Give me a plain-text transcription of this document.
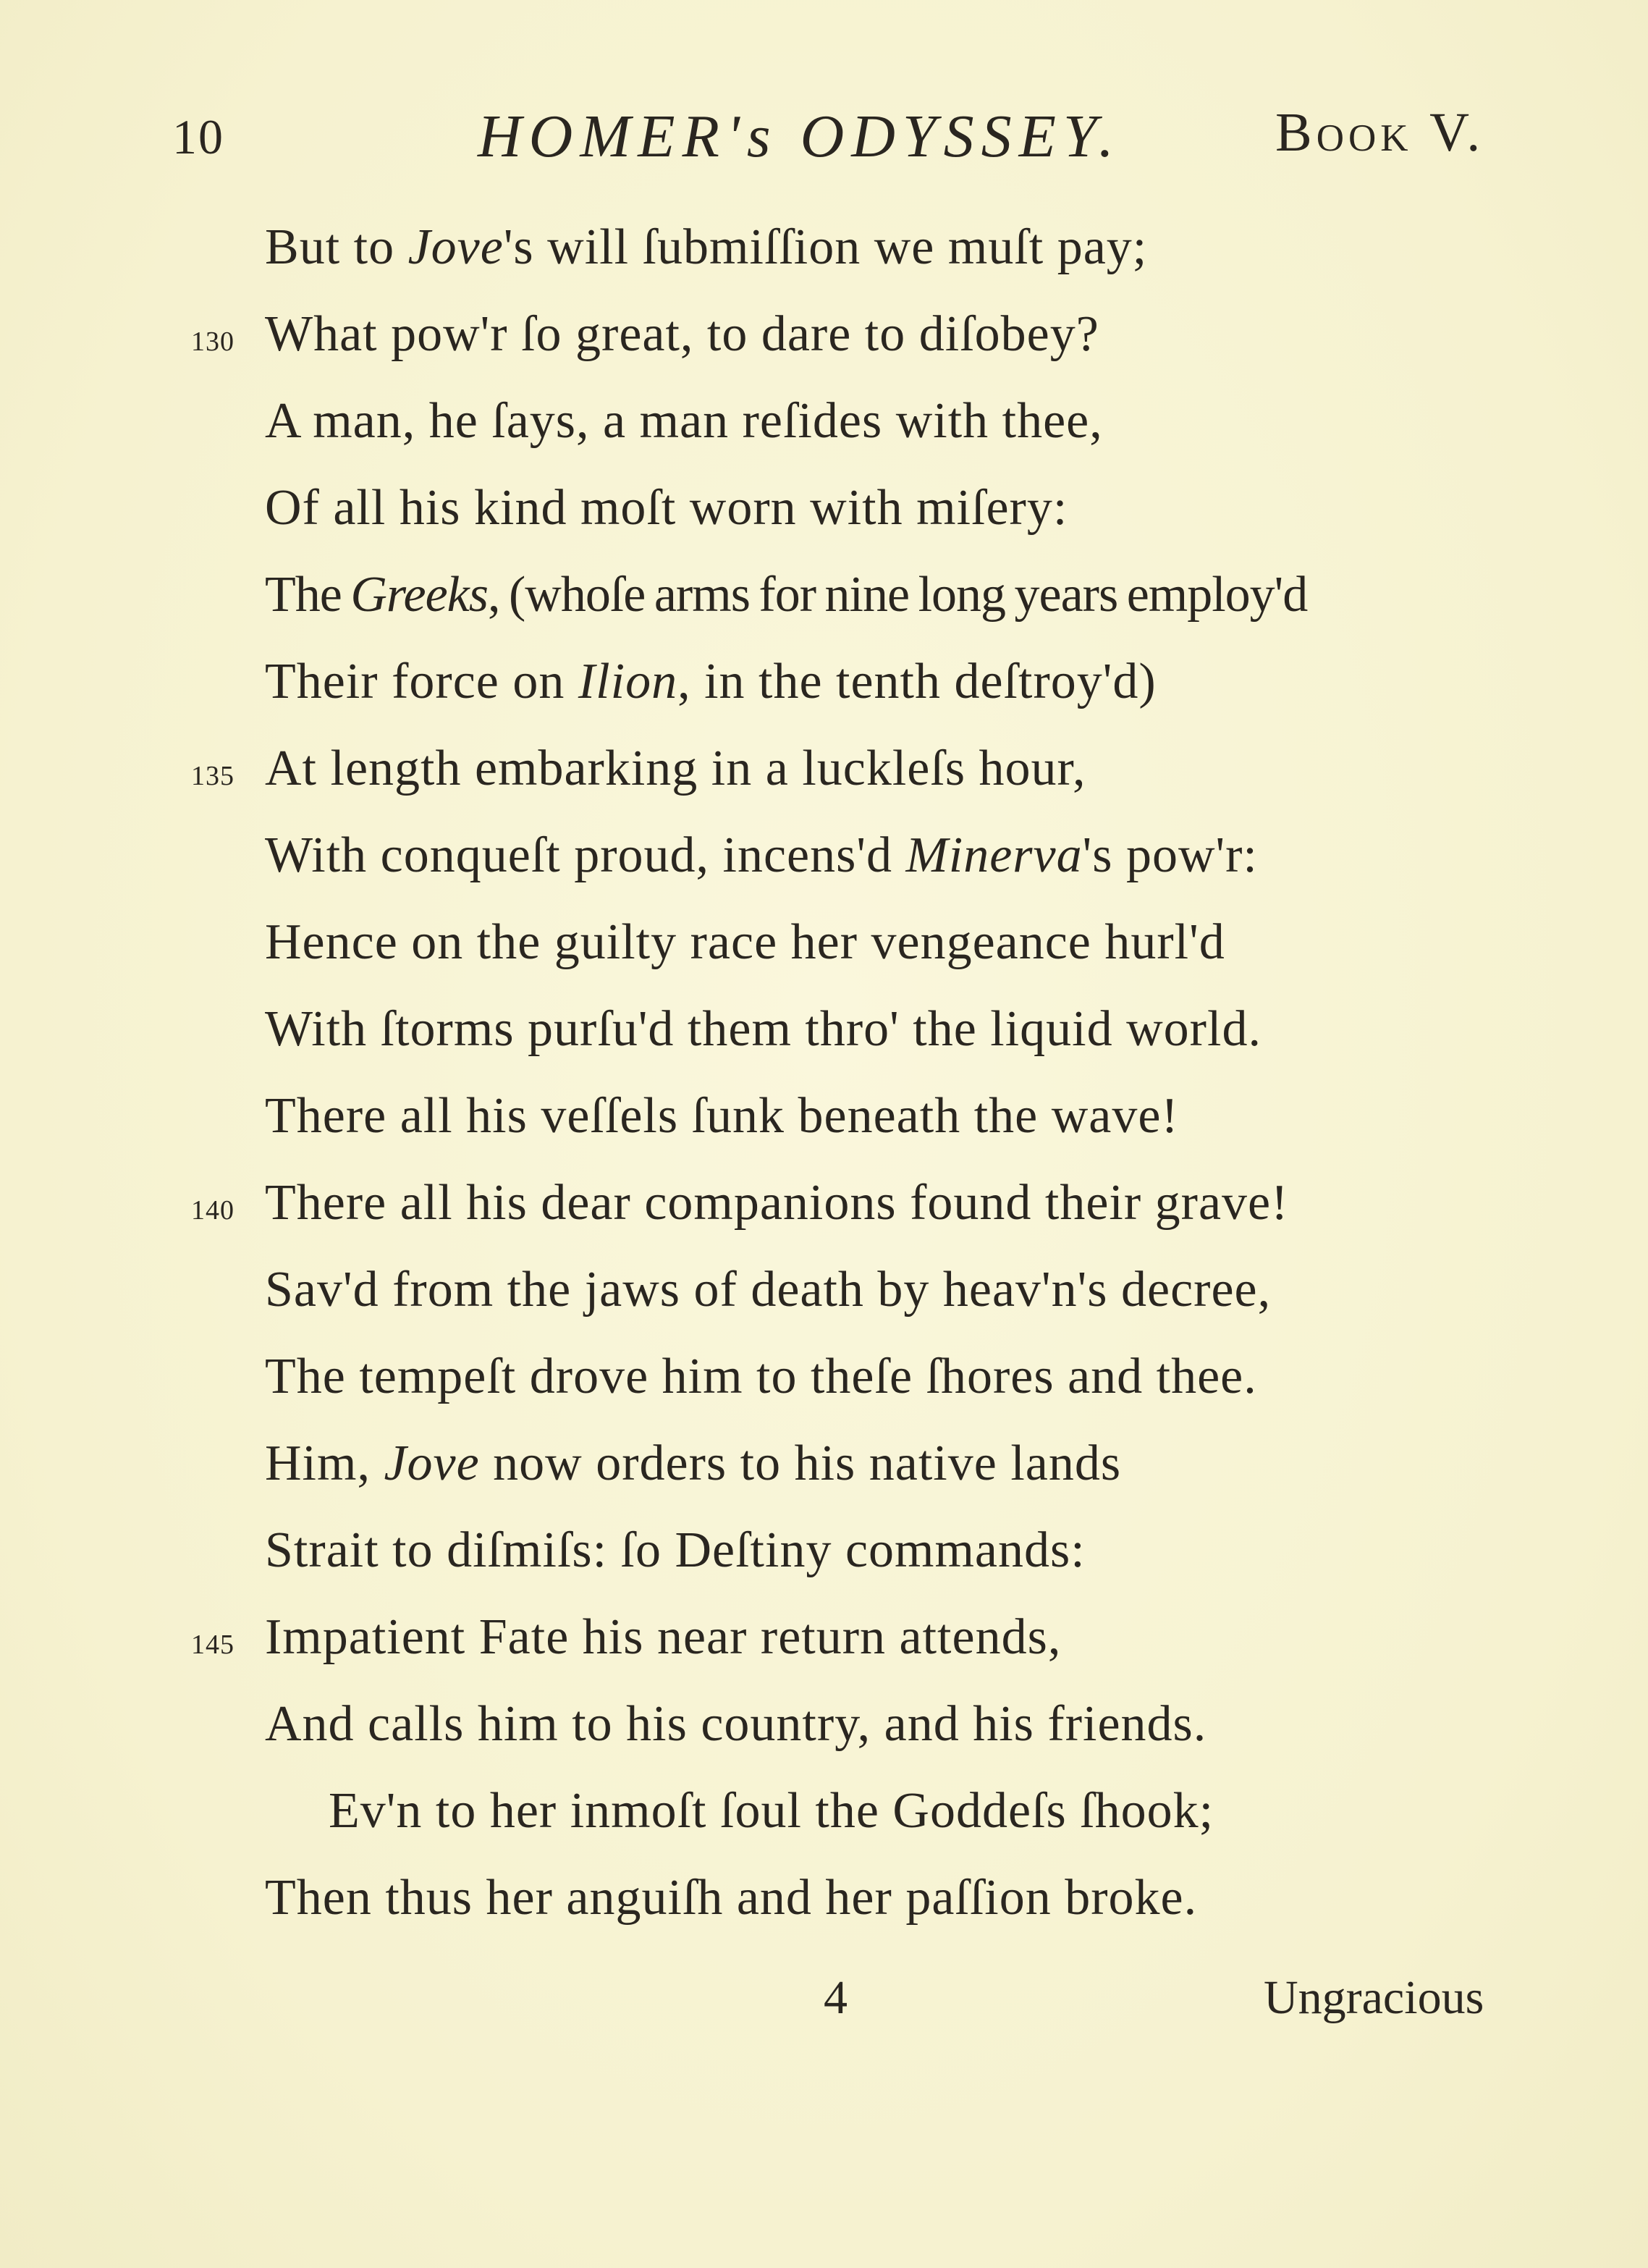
10	HOMER's ODYSSEY.	Book V.
But to Jove's will ſubmiſſion we muſt pay;
130 What pow'r ſo great, to dare to diſobey?
A man, he ſays, a man reſides with thee,
Of all his kind moſt worn with miſery:
The Greeks, (whoſe arms for nine long years employ'd
Their force on Ilion, in the tenth deſtroy'd)
135 At length embarking in a luckleſs hour,
With conqueſt proud, incens'd Minerva's pow'r:
Hence on the guilty race her vengeance hurl'd
With ſtorms purſu'd them thro' the liquid world.
There all his veſſels ſunk beneath the wave!
140 There all his dear companions found their grave!
Sav'd from the jaws of death by heav'n's decree,
The tempeſt drove him to theſe ſhores and thee.
Him, Jove now orders to his native lands
Strait to diſmiſs: ſo Deſtiny commands:
145 Impatient Fate his near return attends,
And calls him to his country, and his friends.
Ev'n to her inmoſt ſoul the Goddeſs ſhook;
Then thus her anguiſh and her paſſion broke.
4	Ungracious
